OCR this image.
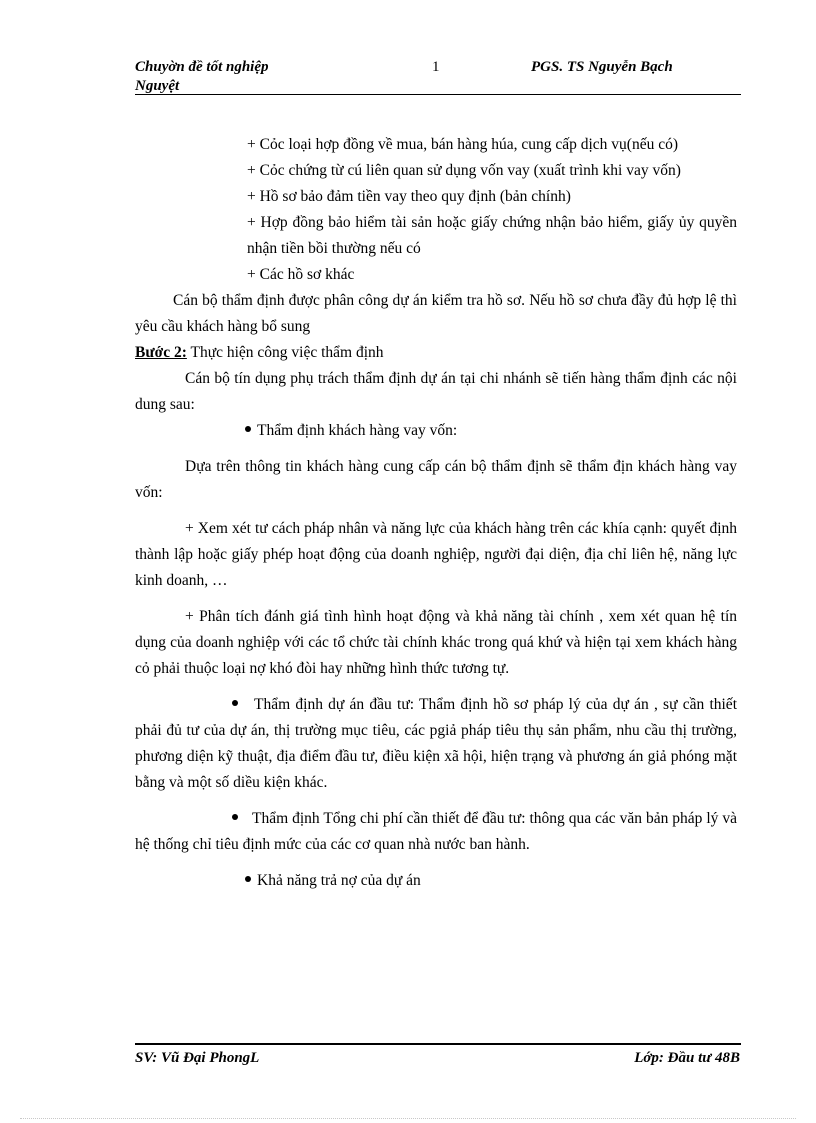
Chuyờn đề tốt nghiệp
Nguyệt
1	PGS. TS Nguyễn Bạch

+ Cỏc loại hợp đồng về mua, bán hàng húa, cung cấp dịch vụ(nếu có)

+ Cỏc chứng từ cú liên quan sử dụng vốn vay (xuất trình khi vay vốn)

+ Hồ sơ bảo đảm tiền vay theo quy định (bản chính)

+ Hợp đồng bảo hiểm tài sản hoặc giấy chứng nhận bảo hiểm, giấy ủy quyền nhận tiền bồi thường nếu có

+ Các hồ sơ khác

Cán bộ thẩm định được phân công dự án kiểm tra hồ sơ. Nếu hồ sơ chưa đầy đủ hợp lệ thì yêu cầu khách hàng bổ sung

Bước 2: Thực hiện công việc thẩm định

Cán bộ tín dụng phụ trách thẩm định dự án tại chi nhánh sẽ tiến hàng thẩm định các nội dung sau:

Thẩm định khách hàng vay vốn:

Dựa trên thông tin khách hàng cung cấp cán bộ thẩm định sẽ thẩm địn khách hàng vay vốn:

+ Xem xét tư cách pháp nhân và năng lực của khách hàng trên các khía cạnh: quyết định thành lập hoặc giấy phép hoạt động của doanh nghiệp, người đại diện, địa chỉ liên hệ, năng lực kinh doanh, …

+ Phân tích đánh giá tình hình hoạt động và khả năng tài chính , xem xét quan hệ tín dụng của doanh nghiệp với các tổ chức tài chính khác trong quá khứ và hiện tại xem khách hàng cỏ phải thuộc loại nợ khó đòi hay những hình thức tương tự.

Thẩm định dự án đầu tư: Thẩm định hồ sơ pháp lý của dự án , sự cần thiết phải đủ tư của dự án, thị trường mục tiêu, các pgiả pháp tiêu thụ sản phẩm, nhu cầu thị trường, phương diện kỹ thuật, địa điểm đầu tư, điều kiện xã hội, hiện trạng và phương án giả phóng mặt bằng và một số diều kiện khác.

Thẩm định Tổng chi phí cần thiết để đầu tư: thông qua các văn bản pháp lý và hệ thống chỉ tiêu định mức của các cơ quan nhà nước ban hành.

Khả năng trả nợ của dự án

SV: Vũ Đại PhongL	Lớp: Đầu tư 48B
